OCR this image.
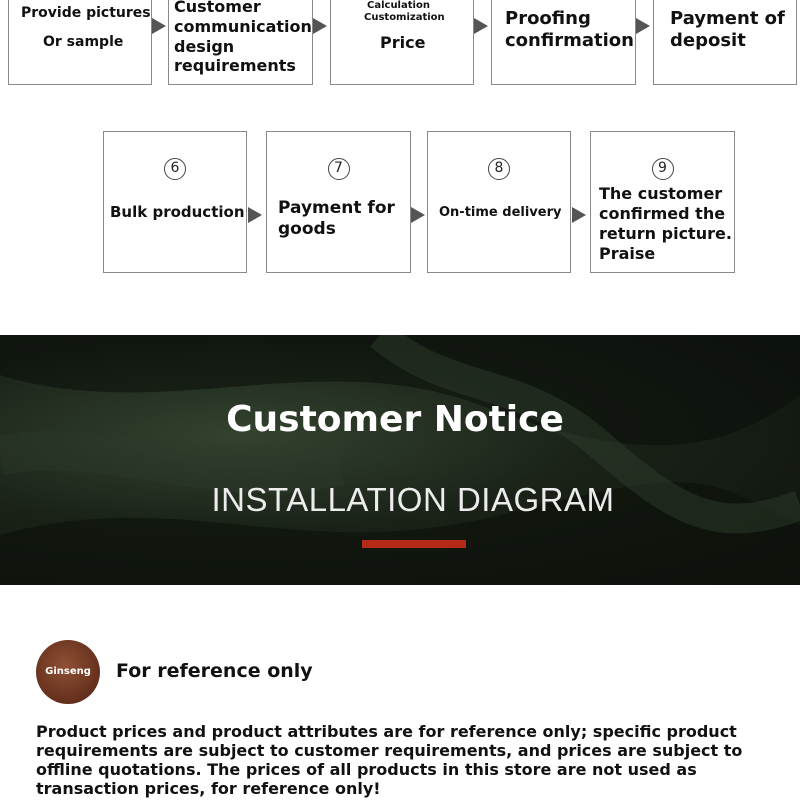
Provide pictures
Or sample
Customer
communication
design
requirements
Calculation
Customization
Price
Proofing
confirmation
Payment of
deposit
6
Bulk production
7
Payment for
goods
8
On-time delivery
9
The customer
confirmed the
return picture.
Praise
Customer Notice
INSTALLATION DIAGRAM
Ginseng	For reference only
Product prices and product attributes are for reference only; specific product requirements are subject to customer requirements, and prices are subject to offline quotations. The prices of all products in this store are not used as transaction prices, for reference only!
